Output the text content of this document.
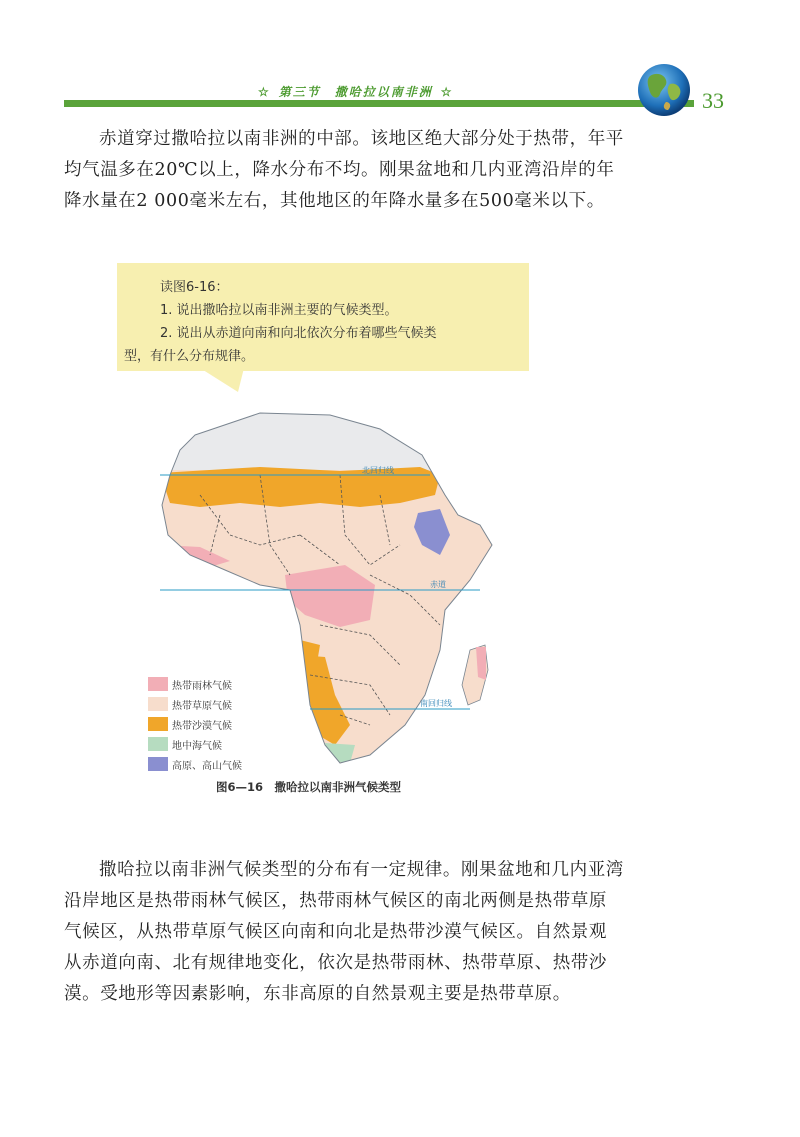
☆ 第三节　撒哈拉以南非洲 ☆	33

赤道穿过撒哈拉以南非洲的中部。该地区绝大部分处于热带，年平均气温多在20℃以上，降水分布不均。刚果盆地和几内亚湾沿岸的年降水量在2 000毫米左右，其他地区的年降水量多在500毫米以下。

读图6-16：
1. 说出撒哈拉以南非洲主要的气候类型。
2. 说出从赤道向南和向北依次分布着哪些气候类
型，有什么分布规律。
北回归线
赤道
南回归线
热带雨林气候
热带草原气候
热带沙漠气候
地中海气候
高原、高山气候
图6—16　撒哈拉以南非洲气候类型

撒哈拉以南非洲气候类型的分布有一定规律。刚果盆地和几内亚湾沿岸地区是热带雨林气候区，热带雨林气候区的南北两侧是热带草原气候区，从热带草原气候区向南和向北是热带沙漠气候区。自然景观从赤道向南、北有规律地变化，依次是热带雨林、热带草原、热带沙漠。受地形等因素影响，东非高原的自然景观主要是热带草原。
